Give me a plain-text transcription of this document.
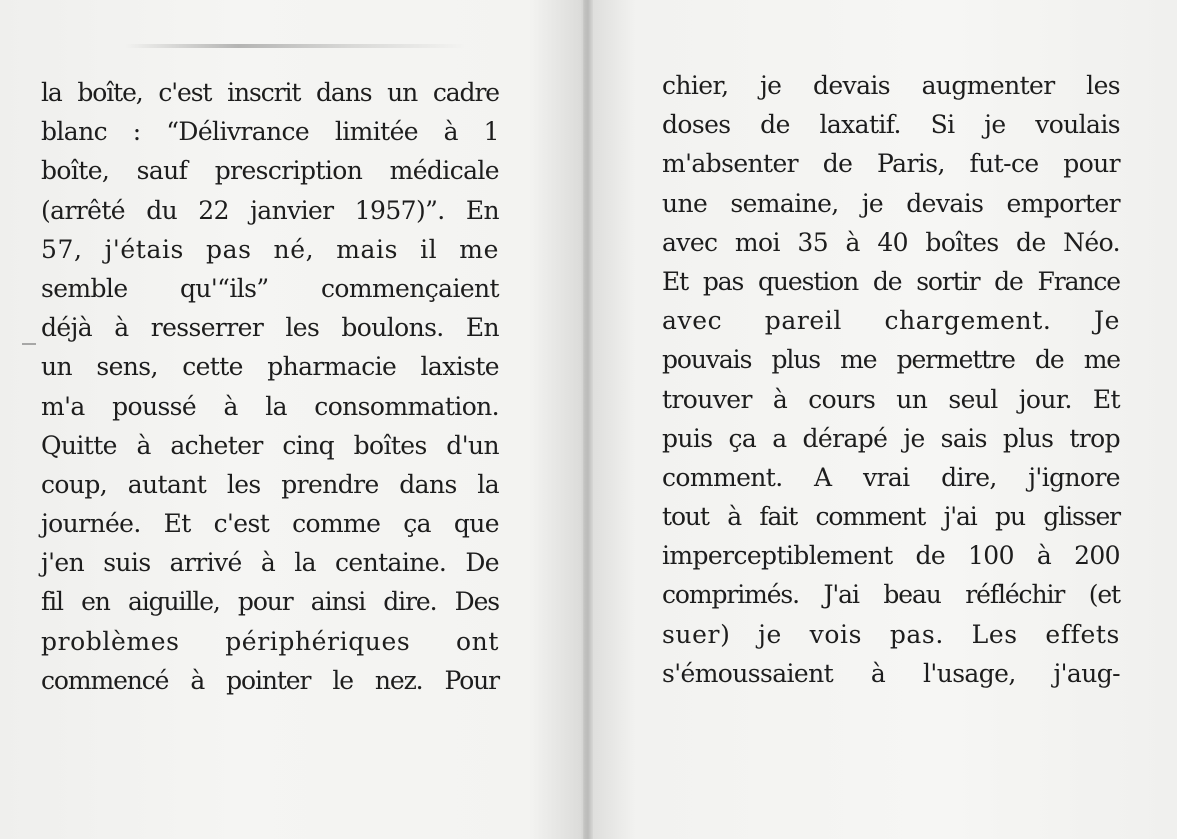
la boîte, c'est inscrit dans un cadre
blanc : “Délivrance limitée à 1
boîte, sauf prescription médicale
(arrêté du 22 janvier 1957)”. En
57, j'étais pas né, mais il me
semble qu'“ils” commençaient
déjà à resserrer les boulons. En
un sens, cette pharmacie laxiste
m'a poussé à la consommation.
Quitte à acheter cinq boîtes d'un
coup, autant les prendre dans la
journée. Et c'est comme ça que
j'en suis arrivé à la centaine. De
fil en aiguille, pour ainsi dire. Des
problèmes périphériques ont
commencé à pointer le nez. Pour
chier, je devais augmenter les
doses de laxatif. Si je voulais
m'absenter de Paris, fut-ce pour
une semaine, je devais emporter
avec moi 35 à 40 boîtes de Néo.
Et pas question de sortir de France
avec pareil chargement. Je
pouvais plus me permettre de me
trouver à cours un seul jour. Et
puis ça a dérapé je sais plus trop
comment. A vrai dire, j'ignore
tout à fait comment j'ai pu glisser
imperceptiblement de 100 à 200
comprimés. J'ai beau réfléchir (et
suer) je vois pas. Les effets
s'émoussaient à l'usage, j'aug-
